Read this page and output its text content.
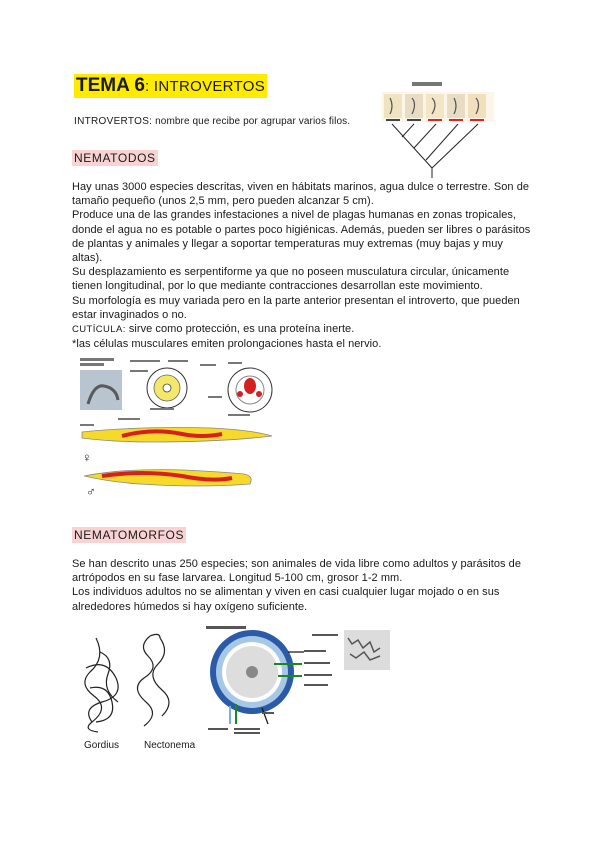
TEMA 6: INTROVERTOS
INTROVERTOS: nombre que recibe por agrupar varios filos.
NEMATODOS

Hay unas 3000 especies descritas, viven en hábitats marinos, agua dulce o terrestre. Son de tamaño pequeño (unos 2,5 mm, pero pueden alcanzar 5 cm).

Produce una de las grandes infestaciones a nivel de plagas humanas en zonas tropicales, donde el agua no es potable o partes poco higiénicas. Además, pueden ser libres o parásitos de plantas y animales y llegar a soportar temperaturas muy extremas (muy bajas y muy altas).

Su desplazamiento es serpentiforme ya que no poseen musculatura circular, únicamente tienen longitudinal, por lo que mediante contracciones desarrollan este movimiento.

Su morfología es muy variada pero en la parte anterior presentan el introverto, que pueden estar invaginados o no.

CUTÍCULA: sirve como protección, es una proteína inerte.

*las células musculares emiten prolongaciones hasta el nervio.

♀
♂
NEMATOMORFOS

Se han descrito unas 250 especies; son animales de vida libre como adultos y parásitos de artrópodos en su fase larvarea. Longitud 5-100 cm, grosor 1-2 mm.

Los individuos adultos no se alimentan y viven en casi cualquier lugar mojado o en sus alrededores húmedos si hay oxígeno suficiente.

Gordius Nectonema
